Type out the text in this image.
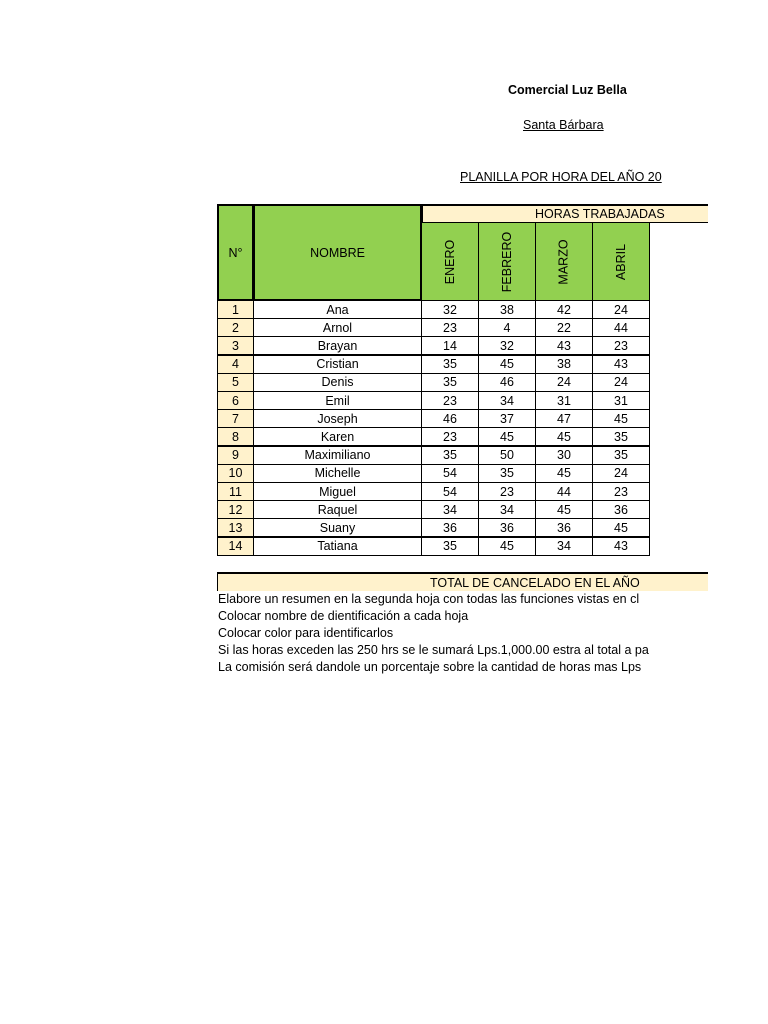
Comercial Luz Bella
Santa Bárbara
PLANILLA POR HORA DEL AÑO 20
N°	NOMBRE
HORAS TRABAJADAS
ENERO	FEBRERO	MARZO	ABRIL
1	Ana	32	38	42	24
2	Arnol	23	4	22	44
3	Brayan	14	32	43	23
4	Cristian	35	45	38	43
5	Denis	35	46	24	24
6	Emil	23	34	31	31
7	Joseph	46	37	47	45
8	Karen	23	45	45	35
9	Maximiliano	35	50	30	35
10	Michelle	54	35	45	24
11	Miguel	54	23	44	23
12	Raquel	34	34	45	36
13	Suany	36	36	36	45
14	Tatiana	35	45	34	43
TOTAL DE CANCELADO EN EL AÑO
Elabore un resumen en la segunda hoja con todas las funciones vistas en cl
Colocar nombre de dientificación a cada hoja
Colocar color para identificarlos
Si las horas exceden las 250 hrs se le sumará Lps.1,000.00 estra al total a pa
La comisión será dandole un porcentaje sobre la cantidad de horas mas Lps
